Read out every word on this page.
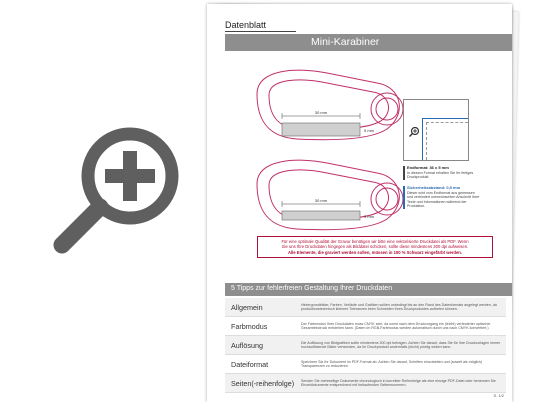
Datenblatt
Mini-Karabiner
30 mm
5 mm
30 mm
3 mm
Endformat: 36 x 5 mm
In diesem Format erhalten Sie Ihr fertiges Druckprodukt.
Sicherheitsabstand: 0,5 mm
Dieser wird vom Endformat aus gemessen und verhindert unerwünschten Anschnitt Ihrer Texte und Informationen während der Produktion.
Für eine optimale Qualität der Gravur benötigen wir bitte eine vektorisierte Druckdatei als PDF. Wenn
Sie uns Ihre Druckdaten hingegen als Bilddatei schicken, sollte diese mindestens 300 dpi aufweisen.
Alle Elemente, die graviert werden sollen, müssen in 100 % Schwarz eingefärbt werden.
5 Tipps zur fehlerfreien Gestaltung Ihrer Druckdaten
Allgemein	Hintergrundbilder, Farben, Verläufe und Grafiken sollten unbedingt bis an den Rand des Datenformats angelegt werden, da produktionstechnisch kleinere Toleranzen beim Schneiden Ihres Druckproduktes auftreten können.
Farbmodus	Der Farbmodus Ihrer Druckdaten muss CMYK sein, da sonst nach dem Druckvorgang ein (leicht) veränderter optischer Gesamteindruck entstehen kann. (Daten im RGB-Farbmodus werden automatisch durch uns nach CMYK konvertiert.)
Auflösung	Die Auflösung von Bildgrafiken sollte mindestens 300 dpi betragen. Achten Sie darauf, dass Sie für Ihre Druckvorlagen immer hochauflösende Bilder verwenden, da Ihr Druckprodukt andernfalls (leicht) pixelig wirken kann.
Dateiformat	Speichern Sie Ihr Dokument im PDF-Format ab. Achten Sie darauf, Schriften einzubetten und (soweit als möglich) Transparenzen zu reduzieren.
Seiten(-reihenfolge)	Senden Sie mehrseitige Dokumente chronologisch in korrekter Reihenfolge als eine einzige PDF-Datei oder benennen Sie Einzeldokumente entsprechend mit fortlaufenden Seitennummern.
S. 1/2
